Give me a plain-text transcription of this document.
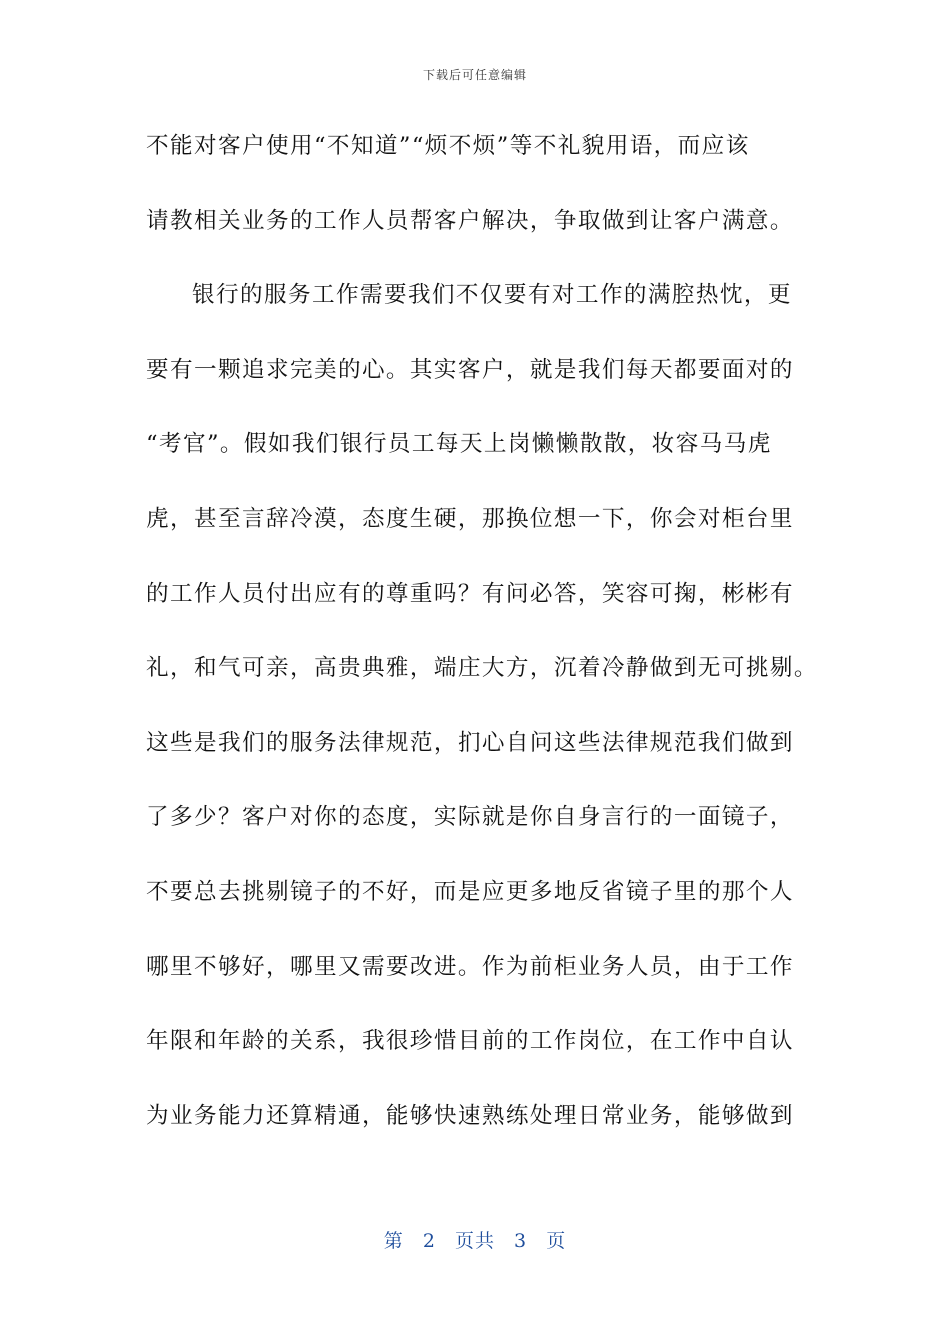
下载后可任意编辑
不能对客户使用“不知道”“烦不烦”等不礼貌用语，而应该
请教相关业务的工作人员帮客户解决，争取做到让客户满意。
银行的服务工作需要我们不仅要有对工作的满腔热忱，更
要有一颗追求完美的心。其实客户，就是我们每天都要面对的
“考官”。假如我们银行员工每天上岗懒懒散散，妆容马马虎
虎，甚至言辞冷漠，态度生硬，那换位想一下，你会对柜台里
的工作人员付出应有的尊重吗？有问必答，笑容可掬，彬彬有
礼，和气可亲，高贵典雅，端庄大方，沉着冷静做到无可挑剔。
这些是我们的服务法律规范，扪心自问这些法律规范我们做到
了多少？客户对你的态度，实际就是你自身言行的一面镜子，
不要总去挑剔镜子的不好，而是应更多地反省镜子里的那个人
哪里不够好，哪里又需要改进。作为前柜业务人员，由于工作
年限和年龄的关系，我很珍惜目前的工作岗位，在工作中自认
为业务能力还算精通，能够快速熟练处理日常业务，能够做到
第 2 页共 3 页
